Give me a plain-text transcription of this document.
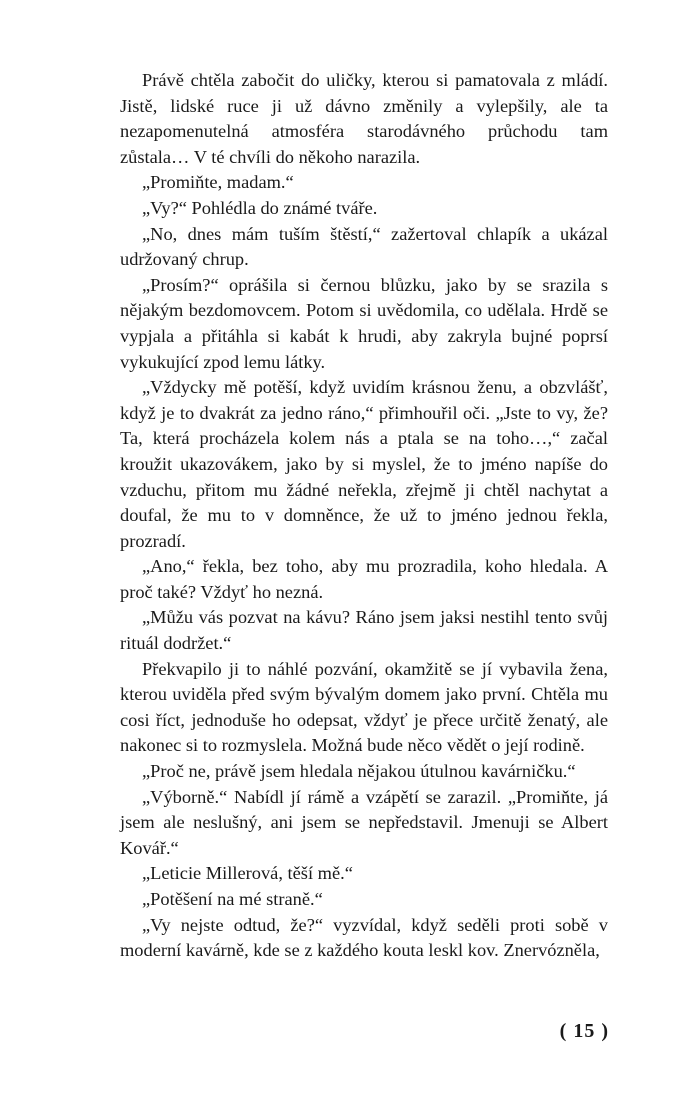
Právě chtěla zabočit do uličky, kterou si pamatovala z mládí. Jistě, lidské ruce ji už dávno změnily a vylepšily, ale ta nezapomenutelná atmosféra starodávného průchodu tam zůstala… V té chvíli do někoho narazila.

„Promiňte, madam.“

„Vy?“ Pohlédla do známé tváře.

„No, dnes mám tuším štěstí,“ zažertoval chlapík a ukázal udržovaný chrup.

„Prosím?“ oprášila si černou blůzku, jako by se srazila s nějakým bezdomovcem. Potom si uvědomila, co udělala. Hrdě se vypjala a přitáhla si kabát k hrudi, aby zakryla bujné poprsí vykukující zpod lemu látky.

„Vždycky mě potěší, když uvidím krásnou ženu, a obzvlášť, když je to dvakrát za jedno ráno,“ přimhouřil oči. „Jste to vy, že? Ta, která procházela kolem nás a ptala se na toho…,“ začal kroužit ukazovákem, jako by si myslel, že to jméno napíše do vzduchu, přitom mu žádné neřekla, zřejmě ji chtěl nachytat a doufal, že mu to v domněnce, že už to jméno jednou řekla, prozradí.

„Ano,“ řekla, bez toho, aby mu prozradila, koho hledala. A proč také? Vždyť ho nezná.

„Můžu vás pozvat na kávu? Ráno jsem jaksi nestihl tento svůj rituál dodržet.“

Překvapilo ji to náhlé pozvání, okamžitě se jí vybavila žena, kterou uviděla před svým bývalým domem jako první. Chtěla mu cosi říct, jednoduše ho odepsat, vždyť je přece určitě ženatý, ale nakonec si to rozmyslela. Možná bude něco vědět o její rodině.

„Proč ne, právě jsem hledala nějakou útulnou kavárničku.“

„Výborně.“ Nabídl jí rámě a vzápětí se zarazil. „Promiňte, já jsem ale neslušný, ani jsem se nepředstavil. Jmenuji se Albert Kovář.“

„Leticie Millerová, těší mě.“

„Potěšení na mé straně.“

„Vy nejste odtud, že?“ vyzvídal, když seděli proti sobě v moderní kavárně, kde se z každého kouta leskl kov. Znervózněla,

( 15 )
